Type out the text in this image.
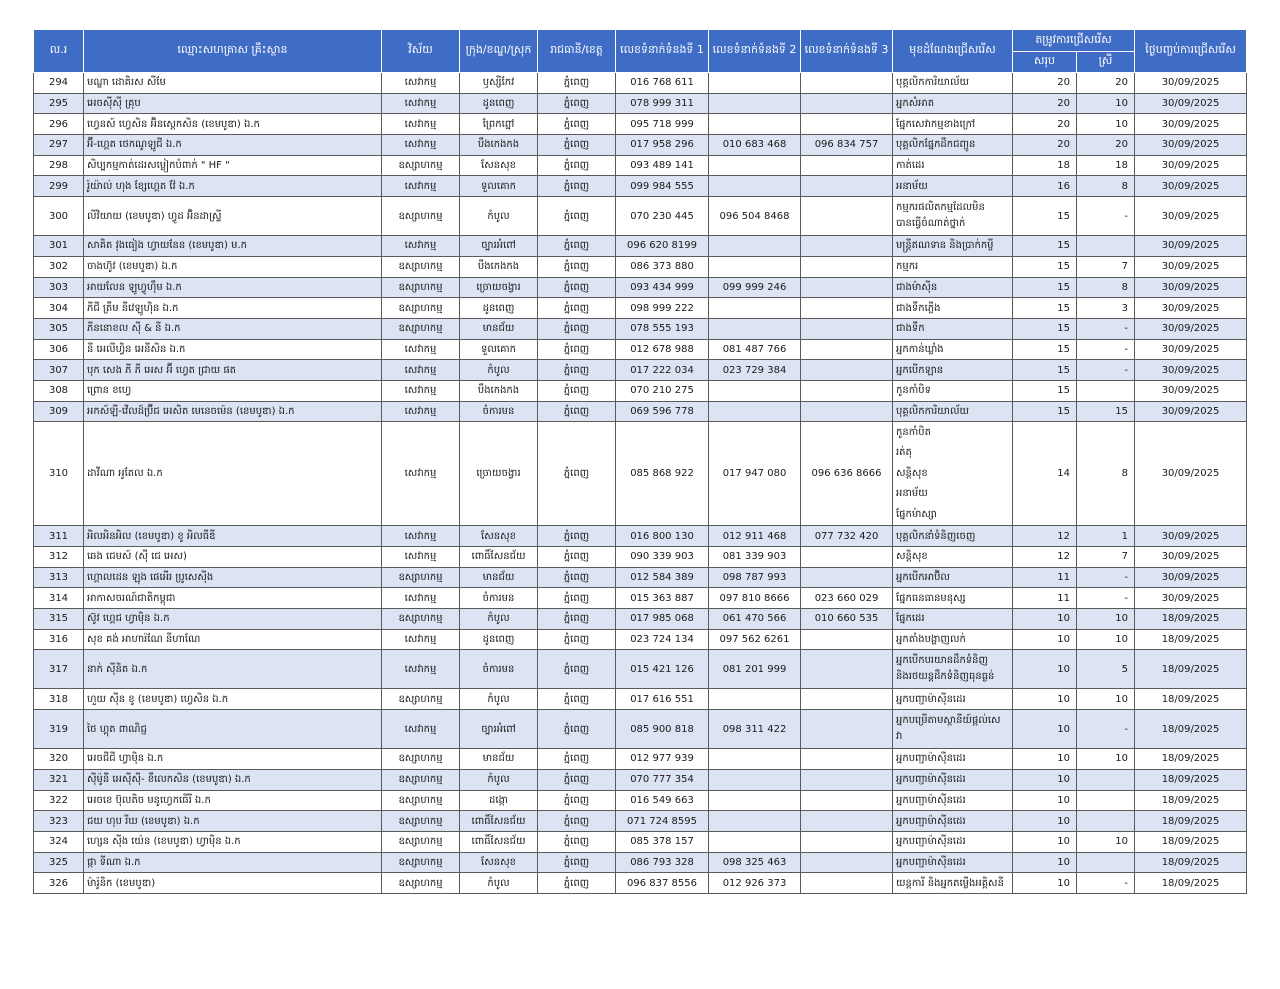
ល.រ	ឈ្មោះសហគ្រាស គ្រឹះស្ថាន	វិស័យ	ក្រុង/ខណ្ឌ/ស្រុក	រាជធានី/ខេត្ត	លេខទំនាក់ទំនងទី 1	លេខទំនាក់ទំនងទី 2	លេខទំនាក់ទំនងទី 3	មុខដំណែងជ្រើសរើស	តម្រូវការជ្រើសរើស		ថ្ងៃបញ្ចប់ការជ្រើសរើស
									សរុប	ស្រី	
294	មណ្ឌា ដោគិរស សីមែ	សេវាកម្ម	ឫស្សីកែវ	ភ្នំពេញ	016 768 611			បុគ្គលិកការិយាល័យ	20	20	30/09/2025
295	អេចស៊ីស៊ី គ្រុប	សេវាកម្ម	ដូនពេញ	ភ្នំពេញ	078 999 311			អ្នកសំអាត	20	10	30/09/2025
296	ហ្វេនស៍ ហ្វេសិន អ៊ិនស្តេកសិន (ខេមបូឌា) ឯ.ក	សេវាកម្ម	ព្រែកព្នៅ	ភ្នំពេញ	095 718 999			ផ្នែកសេវាកម្មខាងក្រៅ	20	10	30/09/2025
297	អ៊ី-ហ្គេត ថេកណូឡូជី ឯ.ក	សេវាកម្ម	បឹងកេងកង	ភ្នំពេញ	017 958 296	010 683 468	096 834 757	បុគ្គលិកផ្នែកដឹកជញ្ជូន	20	20	30/09/2025
298	សិប្បកម្មកាត់ដេរសម្លៀកបំពាក់ " HF "	ឧស្សាហកម្ម	សែនសុខ	ភ្នំពេញ	093 489 141			កាត់ដេរ	18	18	30/09/2025
299	រ៉ូយ៉ាល់ ហុង ខ្សែហ្គេត វ៉ែ ឯ.ក	សេវាកម្ម	ទួលគោក	ភ្នំពេញ	099 984 555			អនាម័យ	16	8	30/09/2025
300	លីវិយាយ (ខេមបូឌា) ហ្វូដ អ៊ិនដាស្ទ្រី	ឧស្សាហកម្ម	កំបូល	ភ្នំពេញ	070 230 445	096 504 8468		កម្មករផលិតកម្មដែលមិន
បានធ្វើចំណាត់ថ្នាក់	15	-	30/09/2025
301	សាគិត វុងធៀង ហ្វាយនែន (ខេមបូឌា) ម.ក	សេវាកម្ម	ច្បារអំពៅ	ភ្នំពេញ	096 620 8199			មន្ត្រីឥណទាន និងប្រាក់កម្ចី	15		30/09/2025
302	ចាងហ៊ូវ (ខេមបូឌា) ឯ.ក	ឧស្សាហកម្ម	បឹងកេងកង	ភ្នំពេញ	086 373 880			កម្មករ	15	7	30/09/2025
303	អាយលែន ឡូហ្វូហ៊ឹម ឯ.ក	ឧស្សាហកម្ម	ច្រោយចង្វារ	ភ្នំពេញ	093 434 999	099 999 246		ជាងម៉ាស៊ីន	15	8	30/09/2025
304	ភីជី ត្រឹម នីវេឡូហ៊ិន ឯ.ក	ឧស្សាហកម្ម	ដូនពេញ	ភ្នំពេញ	098 999 222			ជាងទឹកភ្លើង	15	3	30/09/2025
305	ភីននោខល ស៊ី & នី ឯ.ក	ឧស្សាហកម្ម	មានជ័យ	ភ្នំពេញ	078 555 193			ជាងទឹក	15	-	30/09/2025
306	នី អេលីហ្វិន អេនីសិន ឯ.ក	សេវាកម្ម	ទួលគោក	ភ្នំពេញ	012 678 988	081 487 766		អ្នកកាន់ឃ្លាំង	15	-	30/09/2025
307	បុក សេង ភី ភី អេស អ៊ី ហ្វេត ជ្រាយ ផត	សេវាកម្ម	កំបូល	ភ្នំពេញ	017 222 034	023 729 384		អ្នកបើកឡាន	15	-	30/09/2025
308	ព្រោន ខហ្វេ	សេវាកម្ម	បឹងកេងកង	ភ្នំពេញ	070 210 275			កូនកាំបិទ	15		30/09/2025
309	អកស៍ឡី-វើលដ៍ប្រ៊ីជ អេសិត មេនេចម៉េន (ខេមបូឌា) ឯ.ក	សេវាកម្ម	ចំការមន	ភ្នំពេញ	069 596 778			បុគ្គលិកការិយាល័យ	15	15	30/09/2025
310	ដាវីណា អូតែល ឯ.ក	សេវាកម្ម	ច្រោយចង្វារ	ភ្នំពេញ	085 868 922	017 947 080	096 636 8666	កូនកាំបិត
រត់តុ
សន្តិសុខ
អនាម័យ
ផ្នែកម៉ាស្សា	14	8	30/09/2025
311	អិលអិនអិល (ខេមបូឌា) ខូ អិលធីឌី	សេវាកម្ម	សែនសុខ	ភ្នំពេញ	016 800 130	012 911 468	077 732 420	បុគ្គលិកនាំទំនិញចេញ	12	1	30/09/2025
312	ឆេង ជេមស៍ (ស៊ី ជេ អេស)	សេវាកម្ម	ពោធិ៍សែនជ័យ	ភ្នំពេញ	090 339 903	081 339 903		សន្តិសុខ	12	7	30/09/2025
313	ហ្គោលដេន ឡុង ផេអើរ ប្រូសេស៊ីង	ឧស្សាហកម្ម	មានជ័យ	ភ្នំពេញ	012 584 389	098 787 993		អ្នកបើកអាប៊ិល	11	-	30/09/2025
314	អាកាសចរណ៍ជាតិកម្ពុជា	សេវាកម្ម	ចំការមន	ភ្នំពេញ	015 363 887	097 810 8666	023 660 029	ផ្នែកធនធានមនុស្ស	11	-	30/09/2025
315	ស៊ូវ ហ្គេជ ហ្វាម៉ិន ឯ.ក	ឧស្សាហកម្ម	កំបូល	ភ្នំពេញ	017 985 068	061 470 566	010 660 535	ផ្នែកដេរ	10	10	18/09/2025
316	សុខ គង់ អាហារ៉ណែ នីហាណែ	សេវាកម្ម	ដូនពេញ	ភ្នំពេញ	023 724 134	097 562 6261		អ្នកតាំងបង្ហាញលក់	10	10	18/09/2025
317	នាក់ ស៊ីនិត ឯ.ក	សេវាកម្ម	ចំការមន	ភ្នំពេញ	015 421 126	081 201 999		អ្នកបើកបរយានដឹកទំនិញ
និងរថយន្តដឹកទំនិញធុនធ្ងន់	10	5	18/09/2025
318	ហួយ ស៊ីន ខូ (ខេមបូឌា) ហ្វេសិន ឯ.ក	ឧស្សាហកម្ម	កំបូល	ភ្នំពេញ	017 616 551			អ្នកបញ្ជាម៉ាស៊ីនដេរ	10	10	18/09/2025
319	ថៃ ហ្គុត ពាណិជ្ជ	សេវាកម្ម	ច្បារអំពៅ	ភ្នំពេញ	085 900 818	098 311 422		អ្នកបម្រើតាមស្ថានីយ៍ផ្តល់សេ
វា	10	-	18/09/2025
320	អេចជីជី ហ្វាម៉ិន ឯ.ក	ឧស្សាហកម្ម	មានជ័យ	ភ្នំពេញ	012 977 939			អ្នកបញ្ជាម៉ាស៊ីនដេរ	10	10	18/09/2025
321	ស៊ីម៉ូនី អេស៊ីស៊ី- ខឹលេកសិន (ខេមបូឌា) ឯ.ក	ឧស្សាហកម្ម	កំបូល	ភ្នំពេញ	070 777 354			អ្នកបញ្ជាម៉ាស៊ីនដេរ	10		18/09/2025
322	អេចខេ ប៊ុលតិច មនូហ្វេកធើរី ឯ.ក	ឧស្សាហកម្ម	ដង្កោ	ភ្នំពេញ	016 549 663			អ្នកបញ្ជាម៉ាស៊ីនដេរ	10		18/09/2025
323	ជយ ហុប រីឃ (ខេមបូឌា) ឯ.ក	ឧស្សាហកម្ម	ពោធិ៍សែនជ័យ	ភ្នំពេញ	071 724 8595			អ្នកបញ្ជាម៉ាស៊ីនដេរ	10		18/09/2025
324	ហ្សេន ស៊ីង យ៉េន (ខេមបូឌា) ហ្វាម៉ិន ឯ.ក	ឧស្សាហកម្ម	ពោធិ៍សែនជ័យ	ភ្នំពេញ	085 378 157			អ្នកបញ្ជាម៉ាស៊ីនដេរ	10	10	18/09/2025
325	ផ្កា ទីណា ឯ.ក	ឧស្សាហកម្ម	សែនសុខ	ភ្នំពេញ	086 793 328	098 325 463		អ្នកបញ្ជាម៉ាស៊ីនដេរ	10		18/09/2025
326	ម៉ារ៉ូនិក (ខេមបូឌា)	ឧស្សាហកម្ម	កំបូល	ភ្នំពេញ	096 837 8556	012 926 373		យន្តការី និងអ្នកតម្លើងអគ្គិសនី	10	-	18/09/2025
